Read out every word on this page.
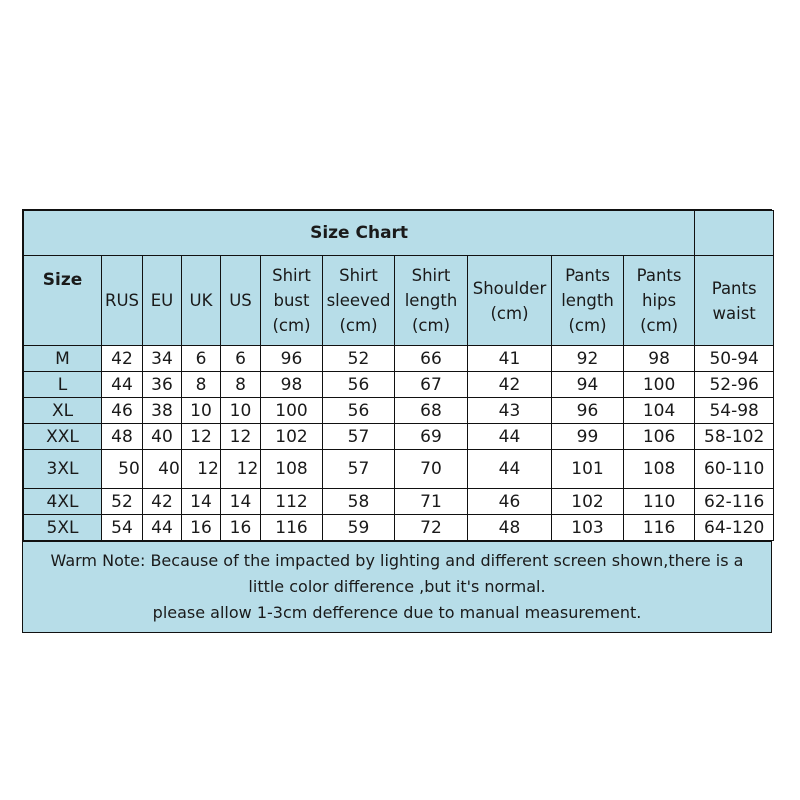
Size Chart											
Size	RUS	EU	UK	US	Shirt bust (cm)	Shirt sleeved (cm)	Shirt length (cm)	Shoulder (cm)	Pants length (cm)	Pants hips (cm)	Pants waist
M	42	34	6	6	96	52	66	41	92	98	50-94
L	44	36	8	8	98	56	67	42	94	100	52-96
XL	46	38	10	10	100	56	68	43	96	104	54-98
XXL	48	40	12	12	102	57	69	44	99	106	58-102
3XL	50	40	12	12	108	57	70	44	101	108	60-110
4XL	52	42	14	14	112	58	71	46	102	110	62-116
5XL	54	44	16	16	116	59	72	48	103	116	64-120
Warm Note: Because of the impacted by lighting and different screen shown,there is a
little color difference ,but it's normal.
please allow 1-3cm defference due to manual measurement.
